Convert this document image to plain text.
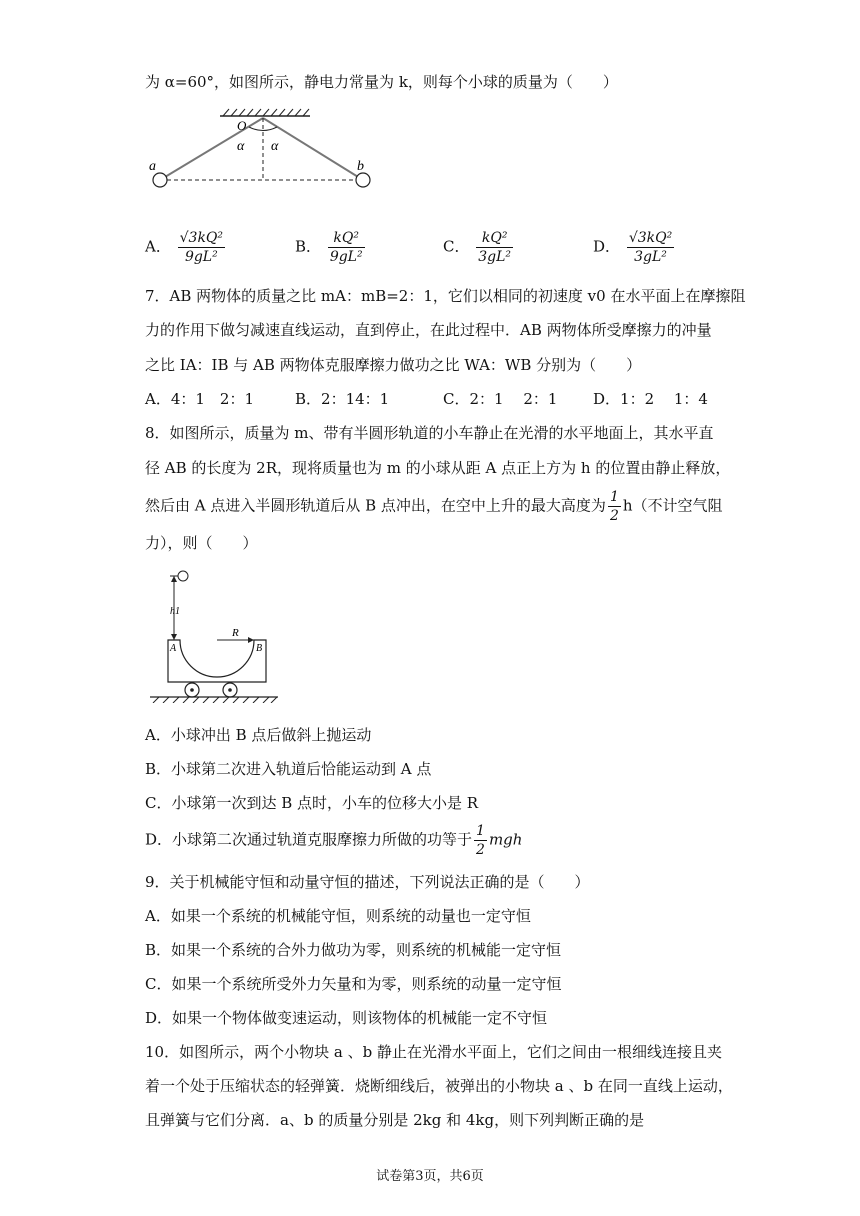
为 α=60°，如图所示，静电力常量为 k，则每个小球的质量为（　　）
O
α α
a	b
A． $\frac{\text{√3kQ²}}{\text{9gL²}}$	B． $\frac{\text{kQ²}}{\text{9gL²}}$	C． $\frac{\text{kQ²}}{\text{3gL²}}$	D． $\frac{\text{√3kQ²}}{\text{3gL²}}$
7．AB 两物体的质量之比 mA：mB=2：1，它们以相同的初速度 v0 在水平面上在摩擦阻
力的作用下做匀减速直线运动，直到停止，在此过程中．AB 两物体所受摩擦力的冲量
之比 IA：IB 与 AB 两物体克服摩擦力做功之比 WA：WB 分别为（　　）
A．4：1　2：1	B．2：14：1	C．2：1　 2：1 D．1：2　 1：4
8．如图所示，质量为 m、带有半圆形轨道的小车静止在光滑的水平地面上，其水平直
径 AB 的长度为 2R，现将质量也为 m 的小球从距 A 点正上方为 h 的位置由静止释放，
然后由 A 点进入半圆形轨道后从 B 点冲出，在空中上升的最大高度为 $\frac{1}{2} h$（不计空气阻
力），则（　　）
h1
R
A	B
A．小球冲出 B 点后做斜上抛运动
B．小球第二次进入轨道后恰能运动到 A 点
C．小球第一次到达 B 点时，小车的位移大小是 R
D．小球第二次通过轨道克服摩擦力所做的功等于 $\frac{1}{2}$ mgh
9．关于机械能守恒和动量守恒的描述，下列说法正确的是（　　）
A．如果一个系统的机械能守恒，则系统的动量也一定守恒
B．如果一个系统的合外力做功为零，则系统的机械能一定守恒
C．如果一个系统所受外力矢量和为零，则系统的动量一定守恒
D．如果一个物体做变速运动，则该物体的机械能一定不守恒
10．如图所示，两个小物块 a 、b 静止在光滑水平面上，它们之间由一根细线连接且夹
着一个处于压缩状态的轻弹簧．烧断细线后，被弹出的小物块 a 、b 在同一直线上运动，
且弹簧与它们分离．a、b 的质量分别是 2kg 和 4kg，则下列判断正确的是
试卷第3页，共6页
